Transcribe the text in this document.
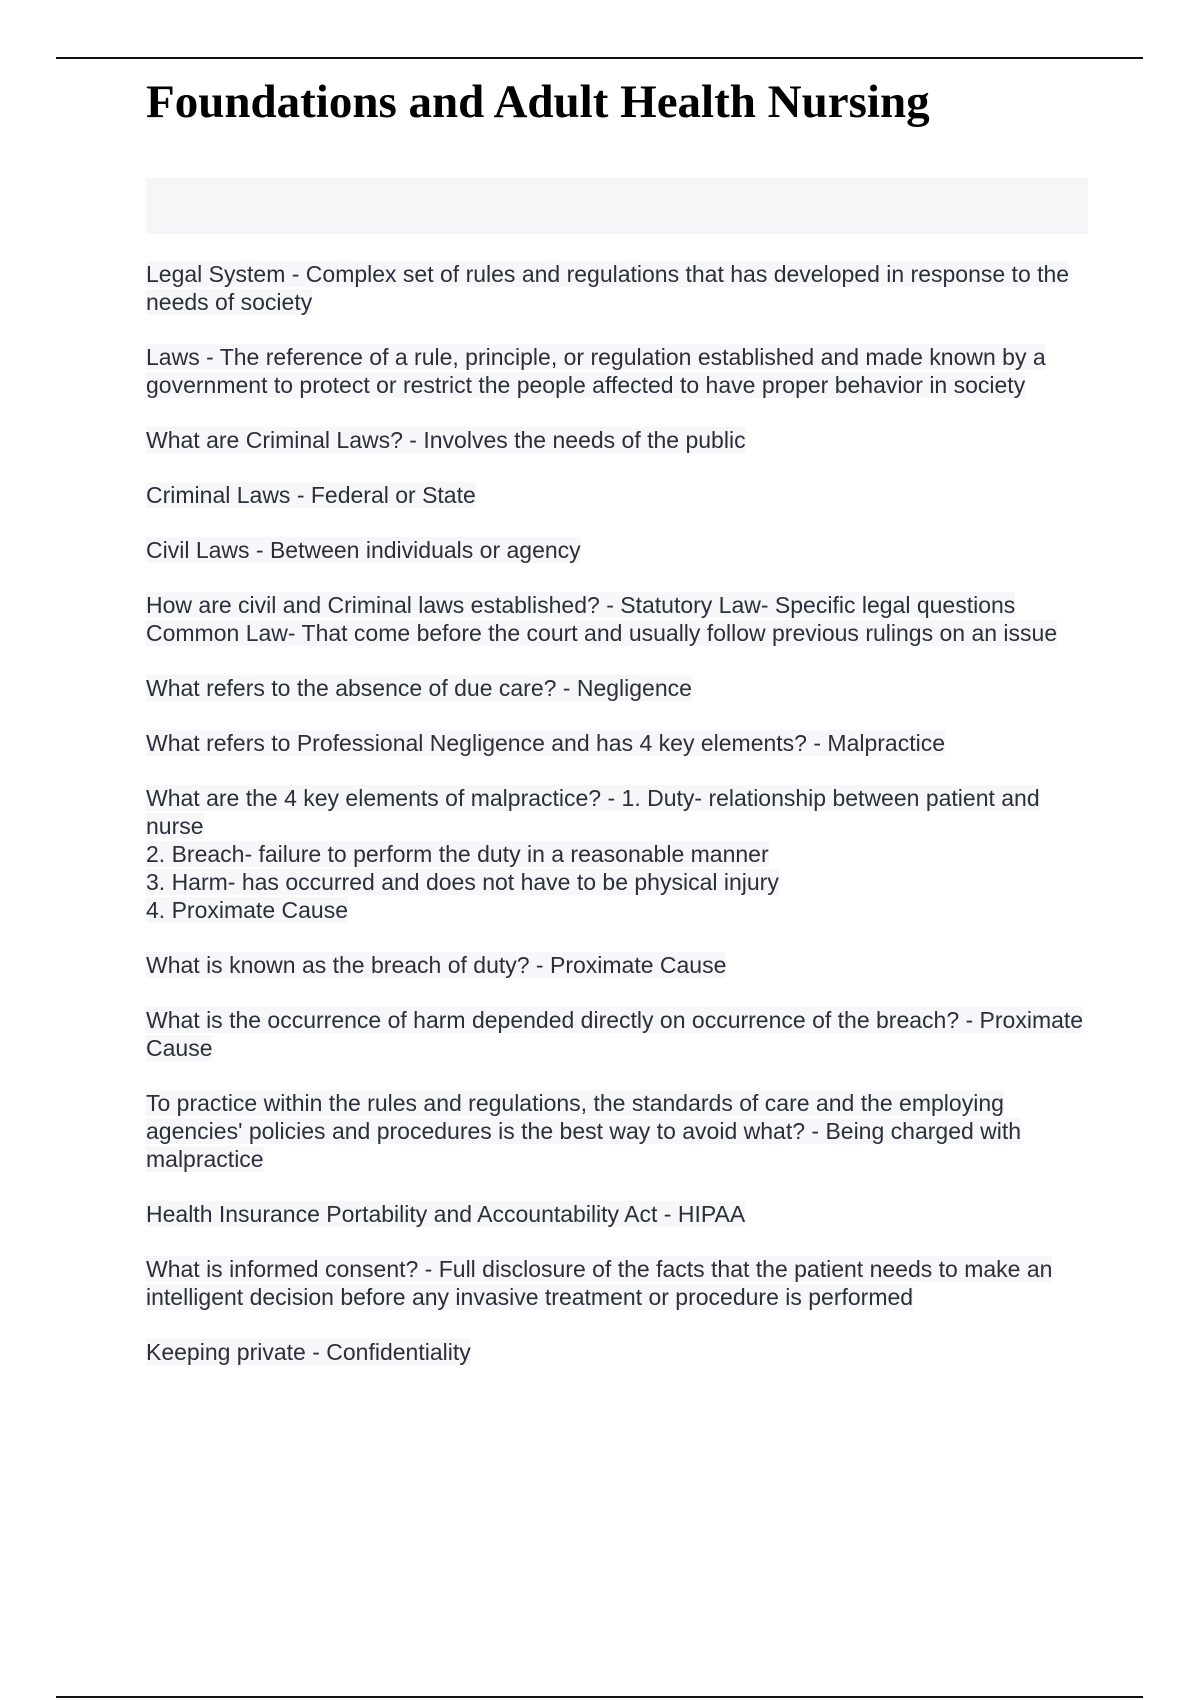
Foundations and Adult Health Nursing

Legal System - Complex set of rules and regulations that has developed in response to the needs of society

Laws - The reference of a rule, principle, or regulation established and made known by a government to protect or restrict the people affected to have proper behavior in society

What are Criminal Laws? - Involves the needs of the public

Criminal Laws - Federal or State

Civil Laws - Between individuals or agency

How are civil and Criminal laws established? - Statutory Law- Specific legal questions
Common Law- That come before the court and usually follow previous rulings on an issue

What refers to the absence of due care? - Negligence

What refers to Professional Negligence and has 4 key elements? - Malpractice

What are the 4 key elements of malpractice? - 1. Duty- relationship between patient and nurse
2. Breach- failure to perform the duty in a reasonable manner
3. Harm- has occurred and does not have to be physical injury
4. Proximate Cause

What is known as the breach of duty? - Proximate Cause

What is the occurrence of harm depended directly on occurrence of the breach? - Proximate Cause

To practice within the rules and regulations, the standards of care and the employing agencies' policies and procedures is the best way to avoid what? - Being charged with malpractice

Health Insurance Portability and Accountability Act - HIPAA

What is informed consent? - Full disclosure of the facts that the patient needs to make an intelligent decision before any invasive treatment or procedure is performed

Keeping private - Confidentiality
